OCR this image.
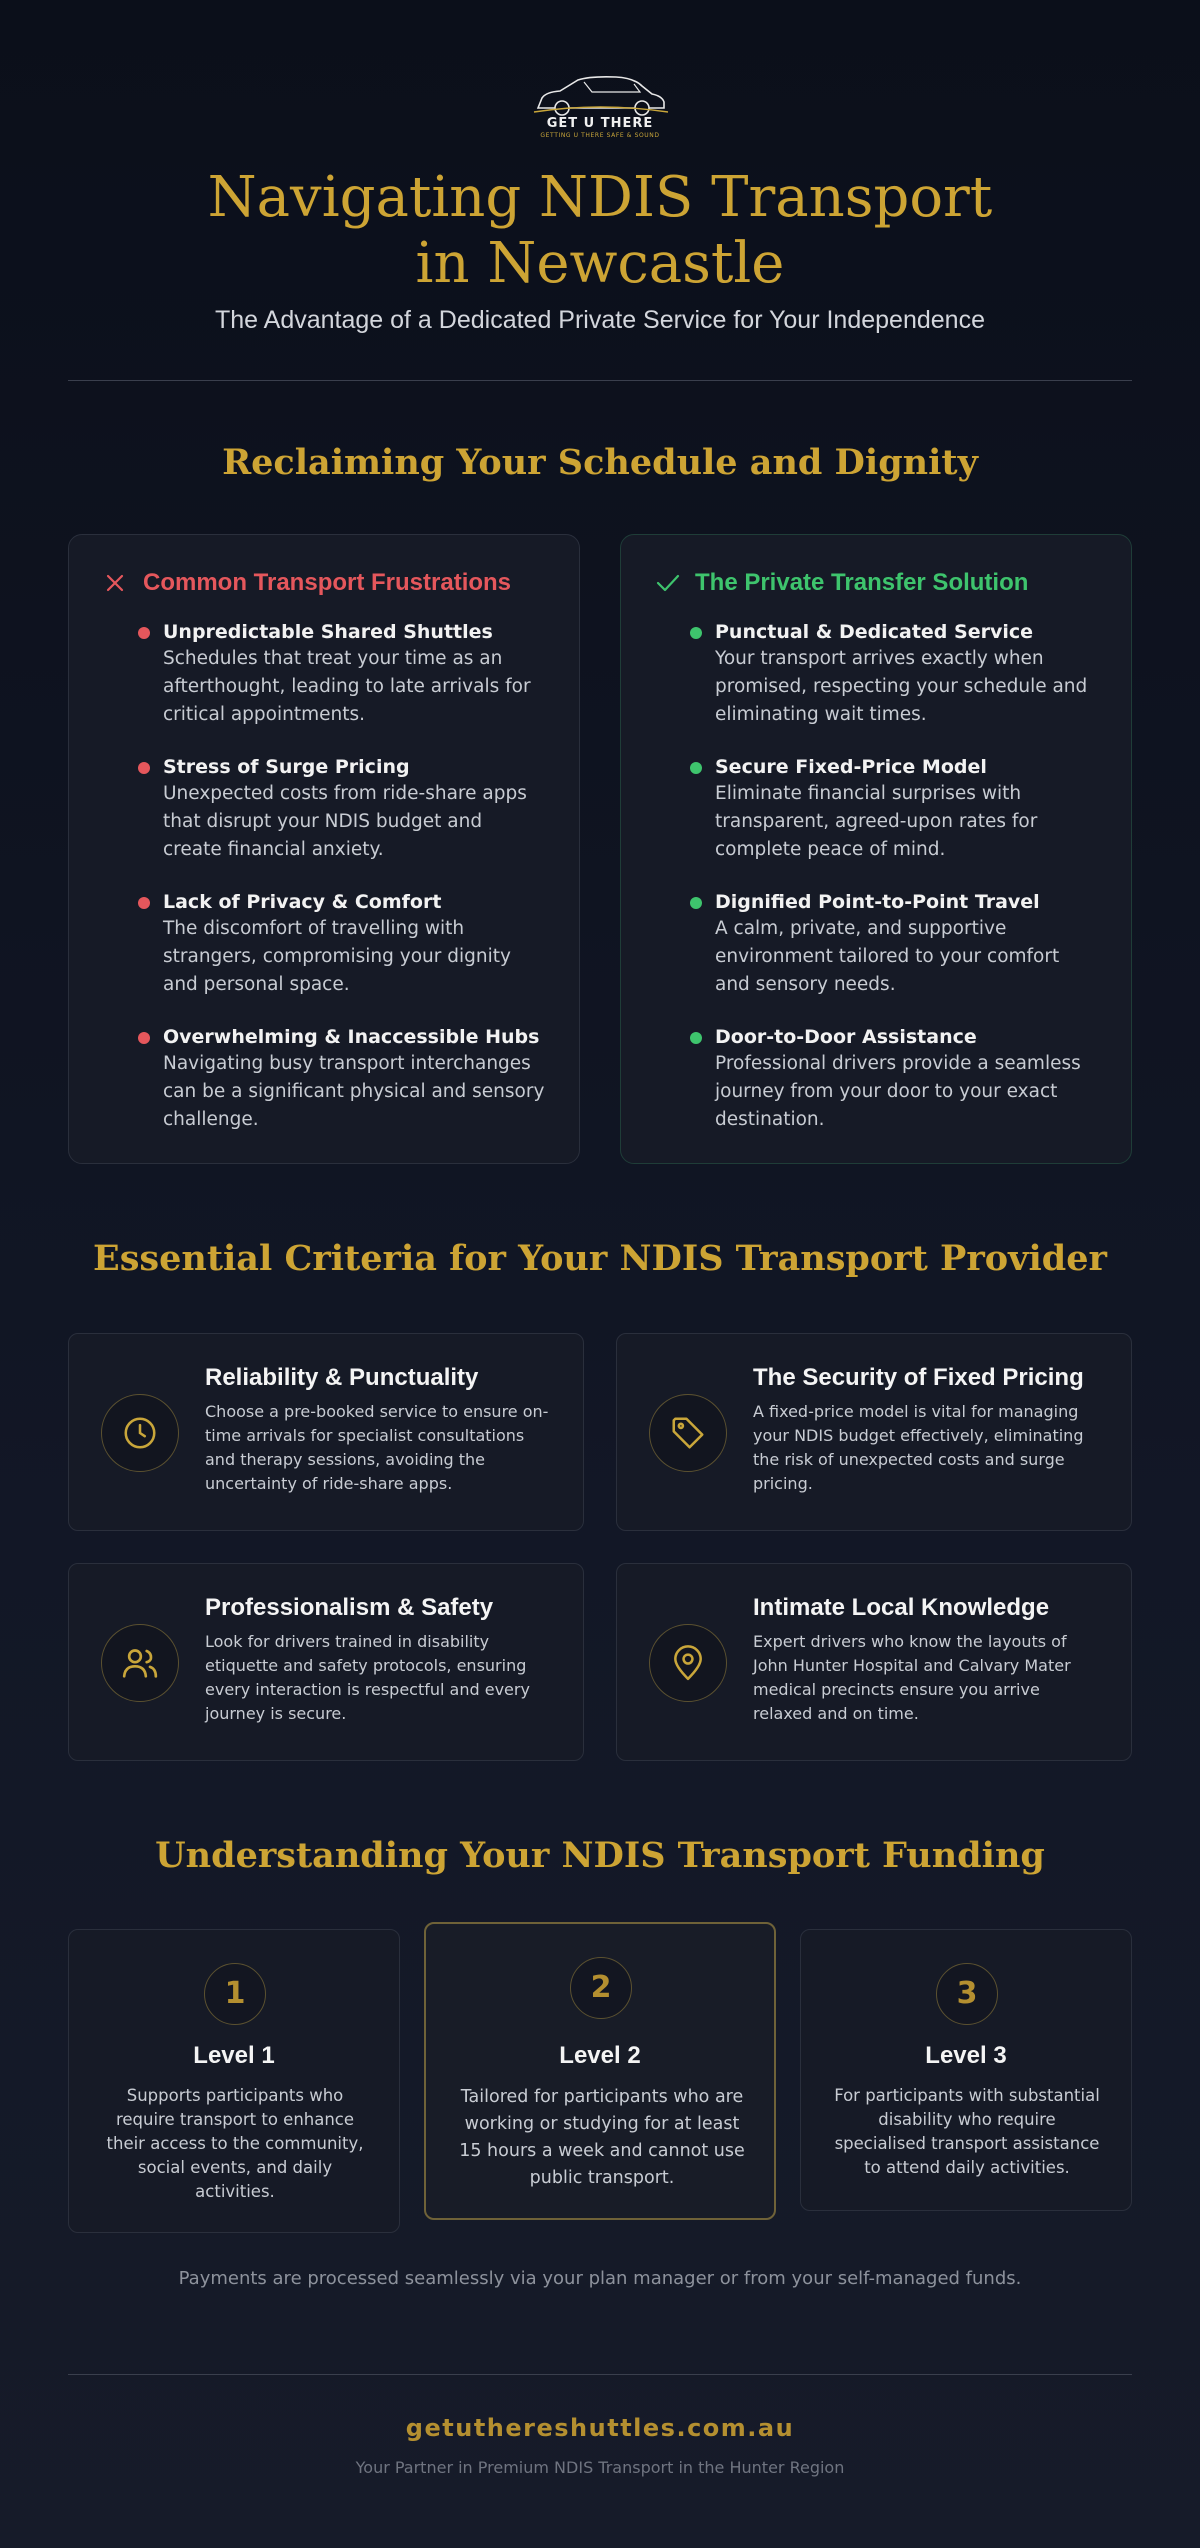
GET U THERE
GETTING U THERE SAFE & SOUND
Navigating NDIS Transport in Newcastle
The Advantage of a Dedicated Private Service for Your Independence
Reclaiming Your Schedule and Dignity
Common Transport Frustrations
Unpredictable Shared Shuttles
Schedules that treat your time as an afterthought, leading to late arrivals for critical appointments.
Stress of Surge Pricing
Unexpected costs from ride-share apps that disrupt your NDIS budget and create financial anxiety.
Lack of Privacy & Comfort
The discomfort of travelling with strangers, compromising your dignity and personal space.
Overwhelming & Inaccessible Hubs
Navigating busy transport interchanges can be a significant physical and sensory challenge.
The Private Transfer Solution
Punctual & Dedicated Service
Your transport arrives exactly when promised, respecting your schedule and eliminating wait times.
Secure Fixed-Price Model
Eliminate financial surprises with transparent, agreed-upon rates for complete peace of mind.
Dignified Point-to-Point Travel
A calm, private, and supportive environment tailored to your comfort and sensory needs.
Door-to-Door Assistance
Professional drivers provide a seamless journey from your door to your exact destination.
Essential Criteria for Your NDIS Transport Provider
Reliability & Punctuality
Choose a pre-booked service to ensure on-time arrivals for specialist consultations and therapy sessions, avoiding the uncertainty of ride-share apps.
The Security of Fixed Pricing
A fixed-price model is vital for managing your NDIS budget effectively, eliminating the risk of unexpected costs and surge pricing.
Professionalism & Safety
Look for drivers trained in disability etiquette and safety protocols, ensuring every interaction is respectful and every journey is secure.
Intimate Local Knowledge
Expert drivers who know the layouts of John Hunter Hospital and Calvary Mater medical precincts ensure you arrive relaxed and on time.
Understanding Your NDIS Transport Funding
1
Level 1
Supports participants who require transport to enhance their access to the community, social events, and daily activities.
2
Level 2
Tailored for participants who are working or studying for at least 15 hours a week and cannot use public transport.
3
Level 3
For participants with substantial disability who require specialised transport assistance to attend daily activities.
Payments are processed seamlessly via your plan manager or from your self-managed funds.
getuthereshuttles.com.au
Your Partner in Premium NDIS Transport in the Hunter Region
